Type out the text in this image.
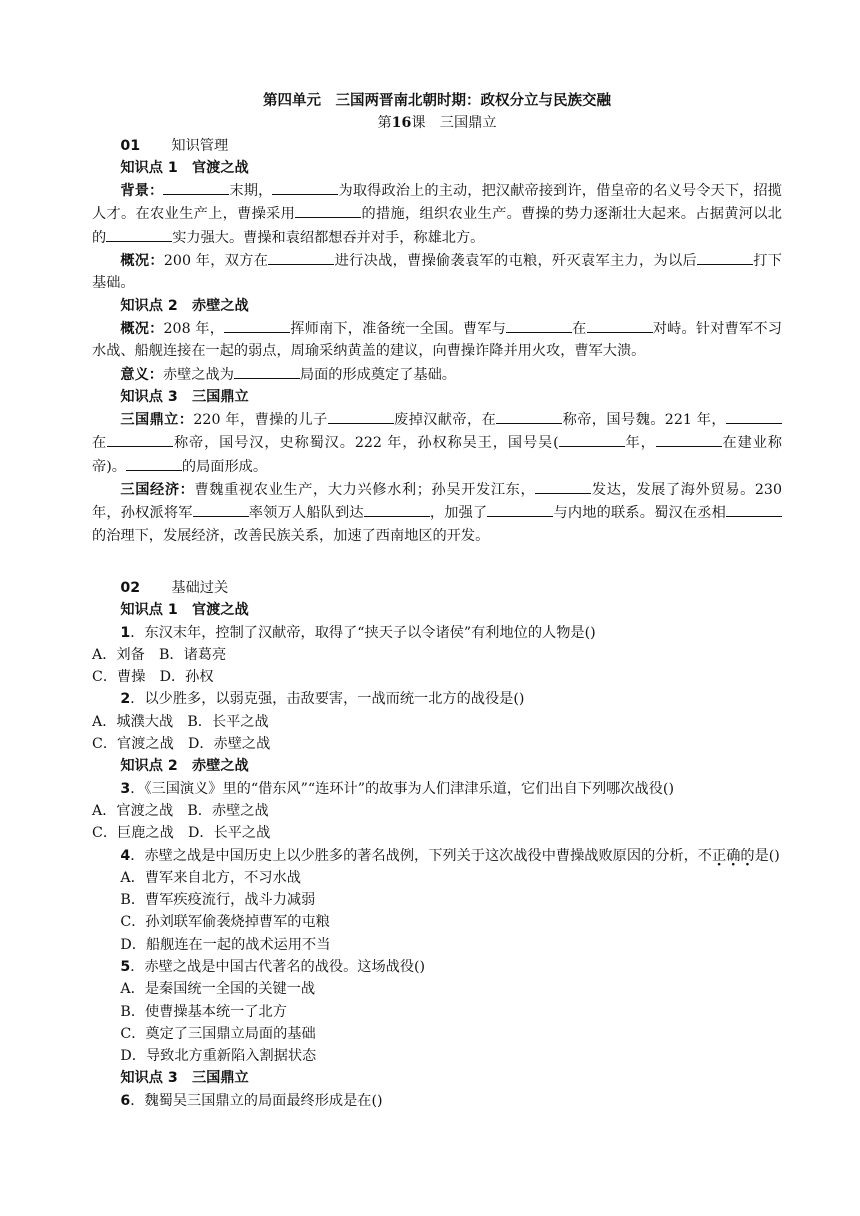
第四单元　三国两晋南北朝时期：政权分立与民族交融
第16课　三国鼎立
01 知识管理

知识点 1　官渡之战

背景：	末期，	为取得政治上的主动，把汉献帝接到许，借皇帝的名义号令天下，招揽人才。在农业生产上，曹操采用	的措施，组织农业生产。曹操的势力逐渐壮大起来。占据黄河以北的	实力强大。曹操和袁绍都想吞并对手，称雄北方。

概况：200 年，双方在	进行决战，曹操偷袭袁军的屯粮，歼灭袁军主力，为以后	打下基础。

知识点 2　赤壁之战

概况：208 年，	挥师南下，准备统一全国。曹军与	在	对峙。针对曹军不习水战、船舰连接在一起的弱点，周瑜采纳黄盖的建议，向曹操诈降并用火攻，曹军大溃。

意义：赤壁之战为	局面的形成奠定了基础。

知识点 3　三国鼎立

三国鼎立：220 年，曹操的儿子	废掉汉献帝，在	称帝，国号魏。221 年，在	称帝，国号汉，史称蜀汉。222 年，孙权称吴王，国号吴(	年，	在建业称帝)。	的局面形成。

三国经济：曹魏重视农业生产，大力兴修水利；孙吴开发江东，	发达，发展了海外贸易。230 年，孙权派将军	率领万人船队到达	，加强了	与内地的联系。蜀汉在丞相的治理下，发展经济，改善民族关系，加速了西南地区的开发。

02 基础过关

知识点 1　官渡之战

1．东汉末年，控制了汉献帝，取得了“挟天子以令诸侯”有利地位的人物是()

A．刘备　B．诸葛亮

C．曹操　D．孙权

2．以少胜多，以弱克强，击敌要害，一战而统一北方的战役是()

A．城濮大战　B．长平之战

C．官渡之战　D．赤壁之战

知识点 2　赤壁之战

3．《三国演义》里的“借东风”“连环计”的故事为人们津津乐道，它们出自下列哪次战役()

A．官渡之战　B．赤壁之战

C．巨鹿之战　D．长平之战

4．赤壁之战是中国历史上以少胜多的著名战例，下列关于这次战役中曹操战败原因的分析，不正确的是()

A．曹军来自北方，不习水战

B．曹军疾疫流行，战斗力减弱

C．孙刘联军偷袭烧掉曹军的屯粮

D．船舰连在一起的战术运用不当

5．赤壁之战是中国古代著名的战役。这场战役()

A．是秦国统一全国的关键一战

B．使曹操基本统一了北方

C．奠定了三国鼎立局面的基础

D．导致北方重新陷入割据状态

知识点 3　三国鼎立

6．魏蜀吴三国鼎立的局面最终形成是在()
